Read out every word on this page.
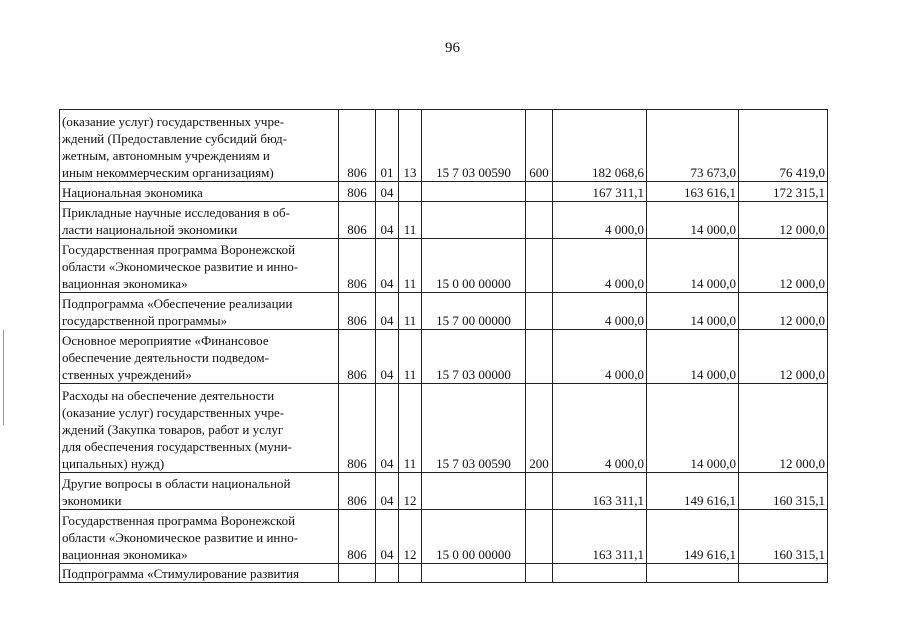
96
(оказание услуг) государственных учре-
ждений (Предоставление субсидий бюд-
жетным, автономным учреждениям и
иным некоммерческим организациям)	806	01	13	15 7 03 00590	600	182 068,6	73 673,0	76 419,0
Национальная экономика	806	04				167 311,1	163 616,1	172 315,1
Прикладные научные исследования в об-
ласти национальной экономики	806	04	11			4 000,0	14 000,0	12 000,0
Государственная программа Воронежской
области «Экономическое развитие и инно-
вационная экономика»	806	04	11	15 0 00 00000		4 000,0	14 000,0	12 000,0
Подпрограмма «Обеспечение реализации
государственной программы»	806	04	11	15 7 00 00000		4 000,0	14 000,0	12 000,0
Основное мероприятие «Финансовое
обеспечение деятельности подведом-
ственных учреждений»	806	04	11	15 7 03 00000		4 000,0	14 000,0	12 000,0
Расходы на обеспечение деятельности
(оказание услуг) государственных учре-
ждений (Закупка товаров, работ и услуг
для обеспечения государственных (муни-
ципальных) нужд)	806	04	11	15 7 03 00590	200	4 000,0	14 000,0	12 000,0
Другие вопросы в области национальной
экономики	806	04	12			163 311,1	149 616,1	160 315,1
Государственная программа Воронежской
области «Экономическое развитие и инно-
вационная экономика»	806	04	12	15 0 00 00000		163 311,1	149 616,1	160 315,1
Подпрограмма «Стимулирование развития								
